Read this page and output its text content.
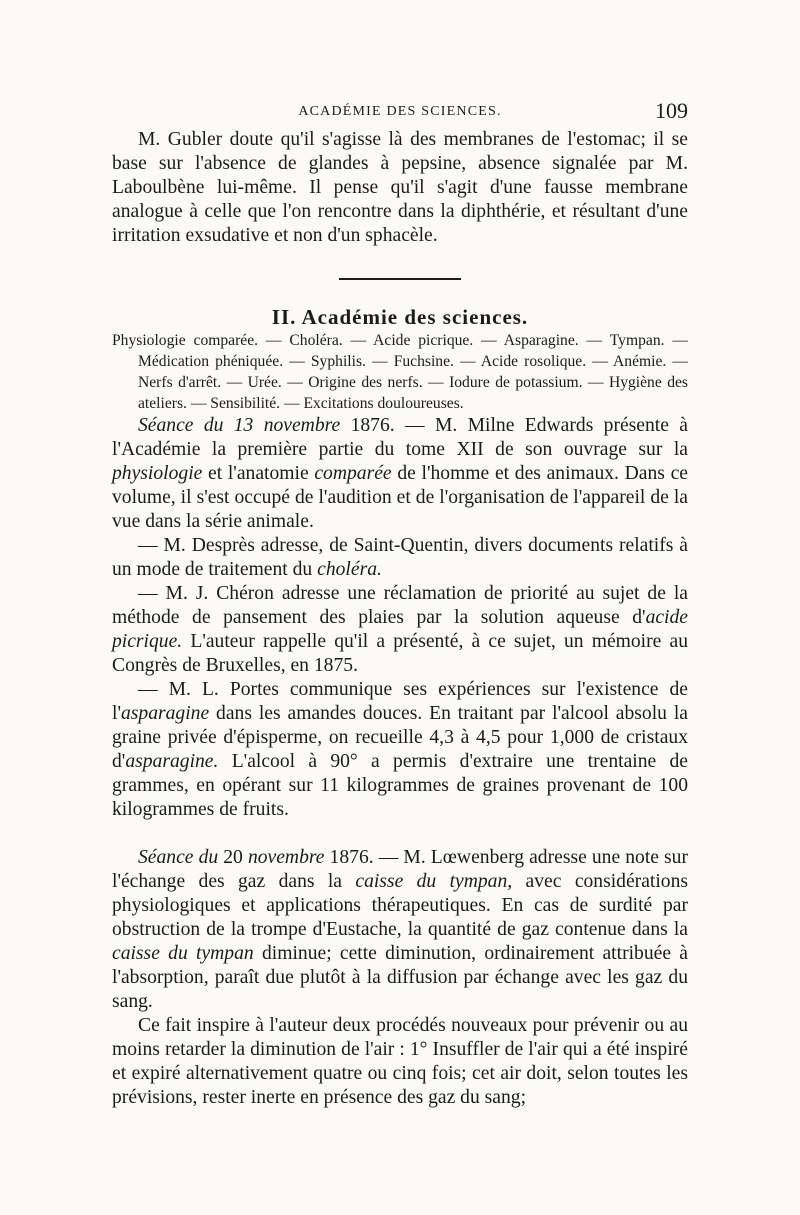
ACADÉMIE DES SCIENCES.	109

M. Gubler doute qu'il s'agisse là des membranes de l'estomac; il se base sur l'absence de glandes à pepsine, absence signalée par M. Laboulbène lui-même. Il pense qu'il s'agit d'une fausse membrane analogue à celle que l'on rencontre dans la diphthérie, et résultant d'une irritation exsudative et non d'un sphacèle.

II. Académie des sciences.

Physiologie comparée. — Choléra. — Acide picrique. — Asparagine. — Tympan. — Médication phéniquée. — Syphilis. — Fuchsine. — Acide rosolique. — Anémie. — Nerfs d'arrêt. — Urée. — Origine des nerfs. — Iodure de potassium. — Hygiène des ateliers. — Sensibilité. — Excitations douloureuses.

Séance du 13 novembre 1876. — M. Milne Edwards présente à l'Académie la première partie du tome XII de son ouvrage sur la physiologie et l'anatomie comparée de l'homme et des animaux. Dans ce volume, il s'est occupé de l'audition et de l'organisation de l'appareil de la vue dans la série animale.

— M. Desprès adresse, de Saint-Quentin, divers documents relatifs à un mode de traitement du choléra.

— M. J. Chéron adresse une réclamation de priorité au sujet de la méthode de pansement des plaies par la solution aqueuse d'acide picrique. L'auteur rappelle qu'il a présenté, à ce sujet, un mémoire au Congrès de Bruxelles, en 1875.

— M. L. Portes communique ses expériences sur l'existence de l'asparagine dans les amandes douces. En traitant par l'alcool absolu la graine privée d'épisperme, on recueille 4,3 à 4,5 pour 1,000 de cristaux d'asparagine. L'alcool à 90° a permis d'extraire une trentaine de grammes, en opérant sur 11 kilogrammes de graines provenant de 100 kilogrammes de fruits.

Séance du 20 novembre 1876. — M. Lœwenberg adresse une note sur l'échange des gaz dans la caisse du tympan, avec considérations physiologiques et applications thérapeutiques. En cas de surdité par obstruction de la trompe d'Eustache, la quantité de gaz contenue dans la caisse du tympan diminue; cette diminution, ordinairement attribuée à l'absorption, paraît due plutôt à la diffusion par échange avec les gaz du sang.

Ce fait inspire à l'auteur deux procédés nouveaux pour prévenir ou au moins retarder la diminution de l'air : 1° Insuffler de l'air qui a été inspiré et expiré alternativement quatre ou cinq fois; cet air doit, selon toutes les prévisions, rester inerte en présence des gaz du sang;
